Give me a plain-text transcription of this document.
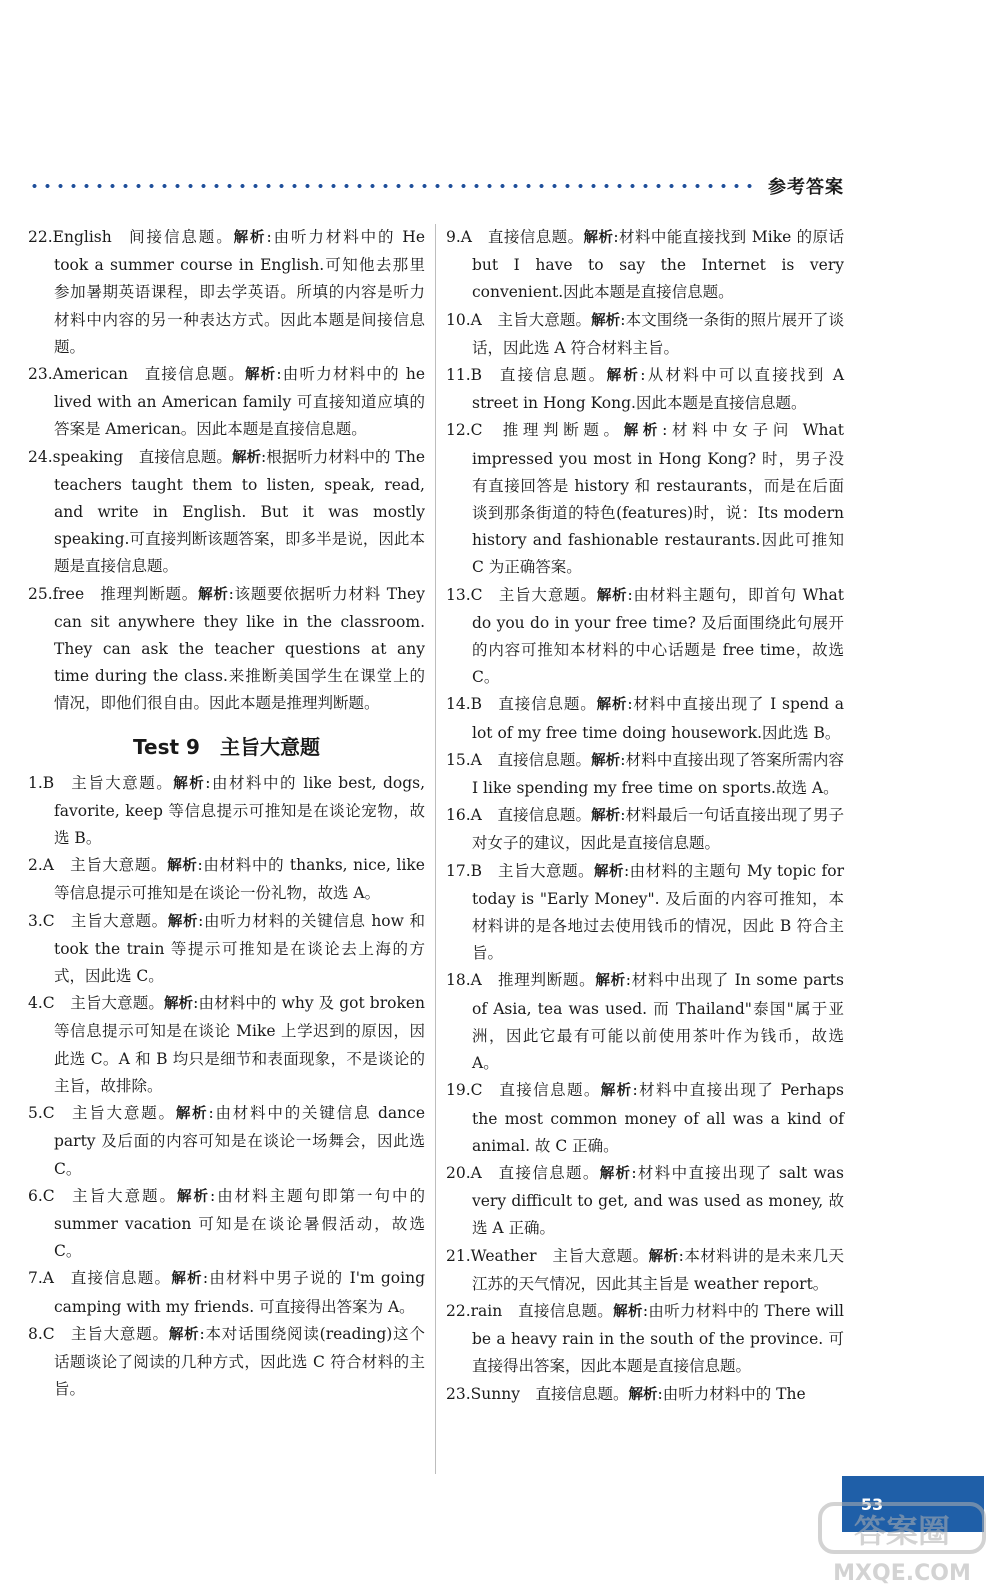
参考答案

22.English  间接信息题。解析:由听力材料中的 He took a summer course in English.可知他去那里参加暑期英语课程，即去学英语。所填的内容是听力材料中内容的另一种表达方式。因此本题是间接信息题。

23.American  直接信息题。解析:由听力材料中的 he lived with an American family 可直接知道应填的答案是 American。因此本题是直接信息题。

24.speaking  直接信息题。解析:根据听力材料中的 The teachers taught them to listen, speak, read, and write in English. But it was mostly speaking.可直接判断该题答案，即多半是说，因此本题是直接信息题。

25.free  推理判断题。解析:该题要依据听力材料 They can sit anywhere they like in the classroom. They can ask the teacher questions at any time during the class.来推断美国学生在课堂上的情况，即他们很自由。因此本题是推理判断题。

Test 9　主旨大意题

1.B  主旨大意题。解析:由材料中的 like best, dogs, favorite, keep 等信息提示可推知是在谈论宠物，故选 B。

2.A  主旨大意题。解析:由材料中的 thanks, nice, like 等信息提示可推知是在谈论一份礼物，故选 A。

3.C  主旨大意题。解析:由听力材料的关键信息 how 和 took the train 等提示可推知是在谈论去上海的方式，因此选 C。

4.C  主旨大意题。解析:由材料中的 why 及 got broken 等信息提示可知是在谈论 Mike 上学迟到的原因，因此选 C。A 和 B 均只是细节和表面现象，不是谈论的主旨，故排除。

5.C  主旨大意题。解析:由材料中的关键信息 dance party 及后面的内容可知是在谈论一场舞会，因此选 C。

6.C  主旨大意题。解析:由材料主题句即第一句中的 summer vacation 可知是在谈论暑假活动，故选 C。

7.A  直接信息题。解析:由材料中男子说的 I'm going camping with my friends. 可直接得出答案为 A。

8.C  主旨大意题。解析:本对话围绕阅读(reading)这个话题谈论了阅读的几种方式，因此选 C 符合材料的主旨。

9.A  直接信息题。解析:材料中能直接找到 Mike 的原话 but I have to say the Internet is very convenient.因此本题是直接信息题。

10.A  主旨大意题。解析:本文围绕一条街的照片展开了谈话，因此选 A 符合材料主旨。

11.B  直接信息题。解析:从材料中可以直接找到 A street in Hong Kong.因此本题是直接信息题。

12.C  推理判断题。解析:材料中女子问 What impressed you most in Hong Kong? 时，男子没有直接回答是 history 和 restaurants，而是在后面谈到那条街道的特色(features)时，说：Its modern history and fashionable restaurants.因此可推知 C 为正确答案。

13.C  主旨大意题。解析:由材料主题句，即首句 What do you do in your free time? 及后面围绕此句展开的内容可推知本材料的中心话题是 free time，故选 C。

14.B  直接信息题。解析:材料中直接出现了 I spend a lot of my free time doing housework.因此选 B。

15.A  直接信息题。解析:材料中直接出现了答案所需内容 I like spending my free time on sports.故选 A。

16.A  直接信息题。解析:材料最后一句话直接出现了男子对女子的建议，因此是直接信息题。

17.B  主旨大意题。解析:由材料的主题句 My topic for today is "Early Money". 及后面的内容可推知，本材料讲的是各地过去使用钱币的情况，因此 B 符合主旨。

18.A  推理判断题。解析:材料中出现了 In some parts of Asia, tea was used. 而 Thailand"泰国"属于亚洲，因此它最有可能以前使用茶叶作为钱币，故选 A。

19.C  直接信息题。解析:材料中直接出现了 Perhaps the most common money of all was a kind of animal. 故 C 正确。

20.A  直接信息题。解析:材料中直接出现了 salt was very difficult to get, and was used as money, 故选 A 正确。

21.Weather  主旨大意题。解析:本材料讲的是未来几天江苏的天气情况，因此其主旨是 weather report。

22.rain  直接信息题。解析:由听力材料中的 There will be a heavy rain in the south of the province. 可直接得出答案，因此本题是直接信息题。

23.Sunny  直接信息题。解析:由听力材料中的 The

53
答案圈
MXQE.COM
